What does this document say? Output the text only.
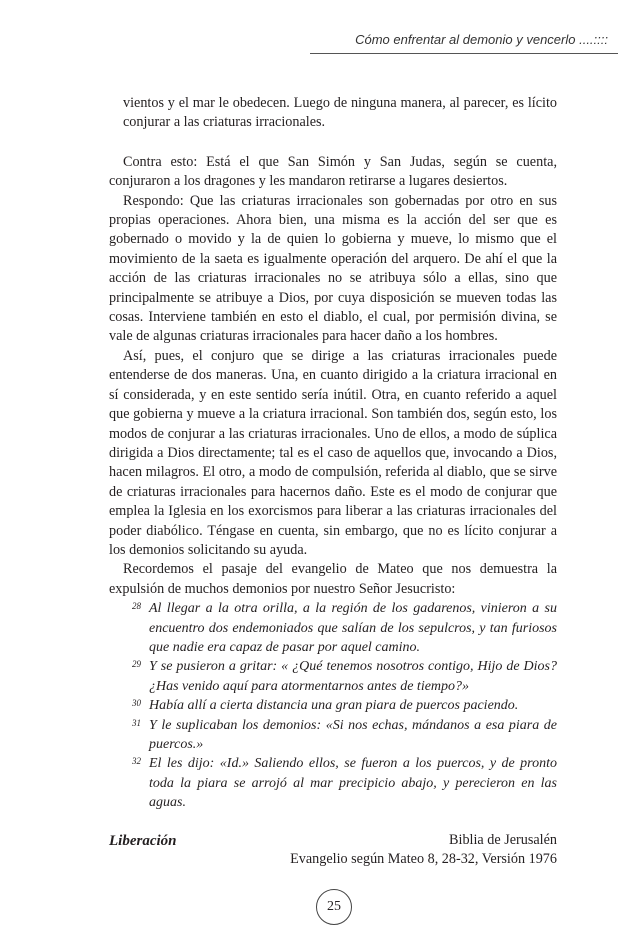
Cómo enfrentar al demonio y vencerlo ....::::

vientos y el mar le obedecen. Luego de ninguna manera, al parecer, es lícito conjurar a las criaturas irracionales.

Contra esto: Está el que San Simón y San Judas, según se cuenta, conjuraron a los dragones y les mandaron retirarse a lugares desiertos.

Respondo: Que las criaturas irracionales son gobernadas por otro en sus propias operaciones. Ahora bien, una misma es la acción del ser que es gobernado o movido y la de quien lo gobierna y mueve, lo mismo que el movimiento de la saeta es igualmente operación del arquero. De ahí el que la acción de las criaturas irracionales no se atribuya sólo a ellas, sino que principalmente se atribuye a Dios, por cuya disposición se mueven todas las cosas. Interviene también en esto el diablo, el cual, por permisión divina, se vale de algunas criaturas irracionales para hacer daño a los hombres.

Así, pues, el conjuro que se dirige a las criaturas irracionales puede entenderse de dos maneras. Una, en cuanto dirigido a la criatura irracional en sí considerada, y en este sentido sería inútil. Otra, en cuanto referido a aquel que gobierna y mueve a la criatura irracional. Son también dos, según esto, los modos de conjurar a las criaturas irracionales. Uno de ellos, a modo de súplica dirigida a Dios directamente; tal es el caso de aquellos que, invocando a Dios, hacen milagros. El otro, a modo de compulsión, referida al diablo, que se sirve de criaturas irracionales para hacernos daño. Este es el modo de conjurar que emplea la Iglesia en los exorcismos para liberar a las criaturas irracionales del poder diabólico. Téngase en cuenta, sin embargo, que no es lícito conjurar a los demonios solicitando su ayuda.

Recordemos el pasaje del evangelio de Mateo que nos demuestra la expulsión de muchos demonios por nuestro Señor Jesucristo:

28 Al llegar a la otra orilla, a la región de los gadarenos, vinieron a su encuentro dos endemoniados que salían de los sepulcros, y tan furiosos que nadie era capaz de pasar por aquel camino.
29 Y se pusieron a gritar: « ¿Qué tenemos nosotros contigo, Hijo de Dios? ¿Has venido aquí para atormentarnos antes de tiempo?»
30 Había allí a cierta distancia una gran piara de puercos paciendo.
31 Y le suplicaban los demonios: «Si nos echas, mándanos a esa piara de puercos.»
32 El les dijo: «Id.» Saliendo ellos, se fueron a los puercos, y de pronto toda la piara se arrojó al mar precipicio abajo, y perecieron en las aguas.
Biblia de Jerusalén
Evangelio según Mateo 8, 28-32, Versión 1976
Liberación
25
